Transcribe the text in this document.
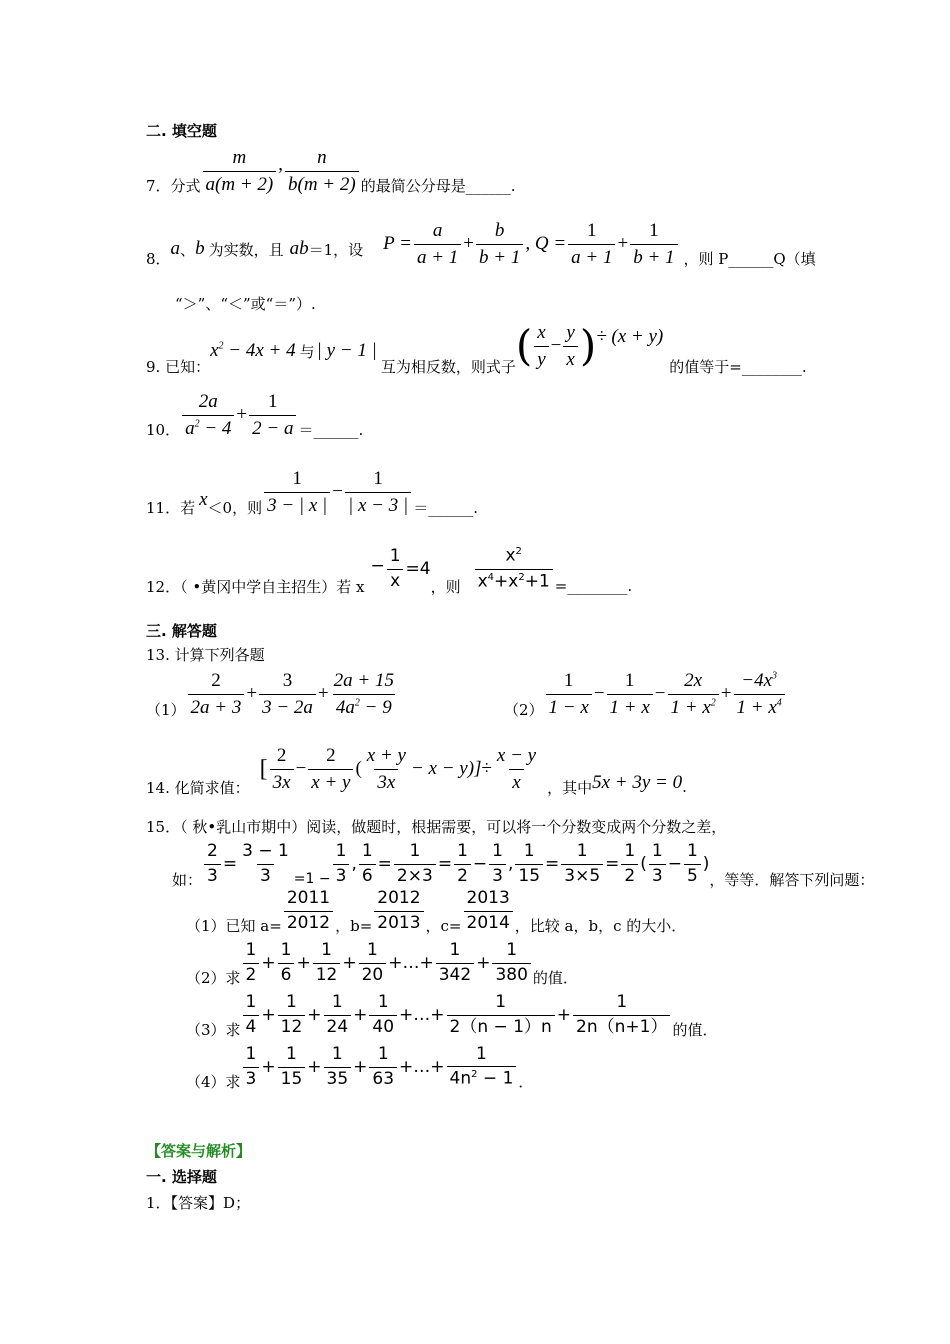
二. 填空题
7．分式 $\frac{m}{a(m + 2)}$ , $\frac{n}{b(m + 2)}$ 的最简公分母是______.
8． a 、 b 为实数，且 ab ＝1，设 $P = \frac{a}{a + 1} + \frac{b}{b + 1}$ , $Q = \frac{1}{a + 1} + \frac{1}{b + 1}$ ，则 P______Q（填
“＞”、“＜”或“＝”）.
9. 已知：
$x^2 - 4x + 4$ 与 | y − 1 |
互为相反数，则式子 ( $\frac{x}{y} - \frac{y}{x}$ ) ÷ (x + y)
的值等于=________.
10． $\frac{2a}{a^2 - 4} + \frac{1}{2 - a}$ ＝______.
11．若 x ＜0，则 $\frac{1}{3 - | x |} - \frac{1}{| x - 3 |}$ ＝______.
12．（ •黄冈中学自主招生）若 x
− $\frac{1}{x} =4$
，则 $\frac{x^2}{x^4+x^2+1}$ =________.
三. 解答题
13. 计算下列各题
$(1) \frac{2}{2a + 3} + \frac{3}{3 - 2a} + \frac{2a + 15}{4a^2 - 9}$	$(2) \frac{1}{1 - x} - \frac{1}{1 + x} - \frac{2x}{1 + x^2} + \frac{-4x^3}{1 + x^4}$
14. 化简求值：
[ $\frac{2}{3x} - \frac{2}{x + y}$ ( $\frac{x + y}{3x} - x - y)] \div \frac{x - y}{x}$ ，其中 5x + 3y = 0 .
15．（ 秋•乳山市期中）阅读，做题时，根据需要，可以将一个分数变成两个分数之差，
如： $\frac{2}{3} = \frac{3 - 1}{3} =1 - \frac{1}{3}$ , $\frac{1}{6} = \frac{1}{2\times 3} = \frac{1}{2} - \frac{1}{3}$ , $\frac{1}{15} = \frac{1}{3\times 5} = \frac{1}{2}$ ( $\frac{1}{3} - \frac{1}{5}$ )
，等等．解答下列问题：
（1）已知 $a= \frac{2011}{2012}$ ，$b= \frac{2012}{2013}$ ，$c= \frac{2013}{2014}$ ，比较 a，b，c 的大小．
（2）求 $\frac{1}{2} + \frac{1}{6} + \frac{1}{12} + \frac{1}{20}$ +…+ $\frac{1}{342} + \frac{1}{380}$ 的值．
（3）求 $\frac{1}{4} + \frac{1}{12} + \frac{1}{24} + \frac{1}{40}$ +…+ $\frac{1}{2(n - 1)n} + \frac{1}{2n(n+1)}$ 的值．
（4）求 $\frac{1}{3} + \frac{1}{15} + \frac{1}{35} + \frac{1}{63}$ +…+ $\frac{1}{4n^2 - 1}$ ．
【答案与解析】
一. 选择题
1．【答案】D；
